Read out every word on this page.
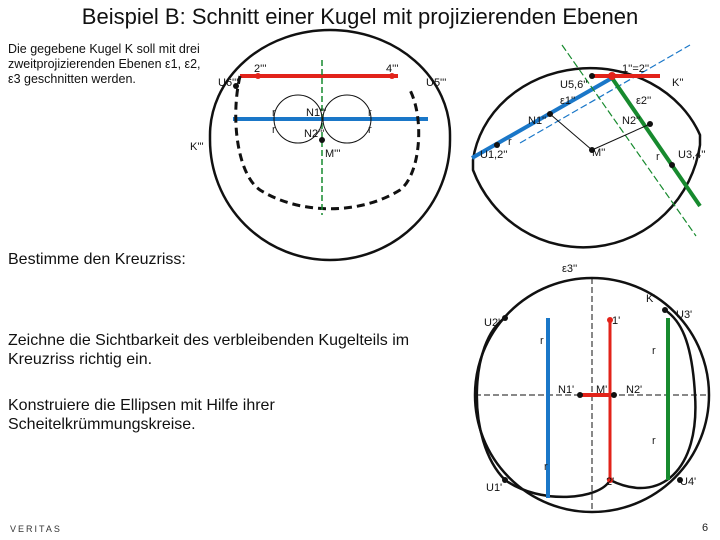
Beispiel B: Schnitt einer Kugel mit projizierenden Ebenen
Die gegebene Kugel K soll mit drei zweitprojizierenden Ebenen ε1, ε2, ε3 geschnitten werden.
Bestimme den Kreuzriss:
Zeichne die Sichtbarkeit des verbleibenden Kugelteils im Kreuzriss richtig ein.
Konstruiere die Ellipsen mit Hilfe ihrer Scheitelkrümmungskreise.
K'''
M'''
2'''	4'''
U6'''	U5'''
N1'''
N2'''
r
r
r
r
1''=2''
K''
U5,6''
ε1''	ε2''
N1''	N2''
M''
U1,2''	U3,4''
ε3''
r
r
K'
U2'
U3'
1'
N1' M' N2'
U1'	U4'
2'
r
r
r
r
VERITAS	6
